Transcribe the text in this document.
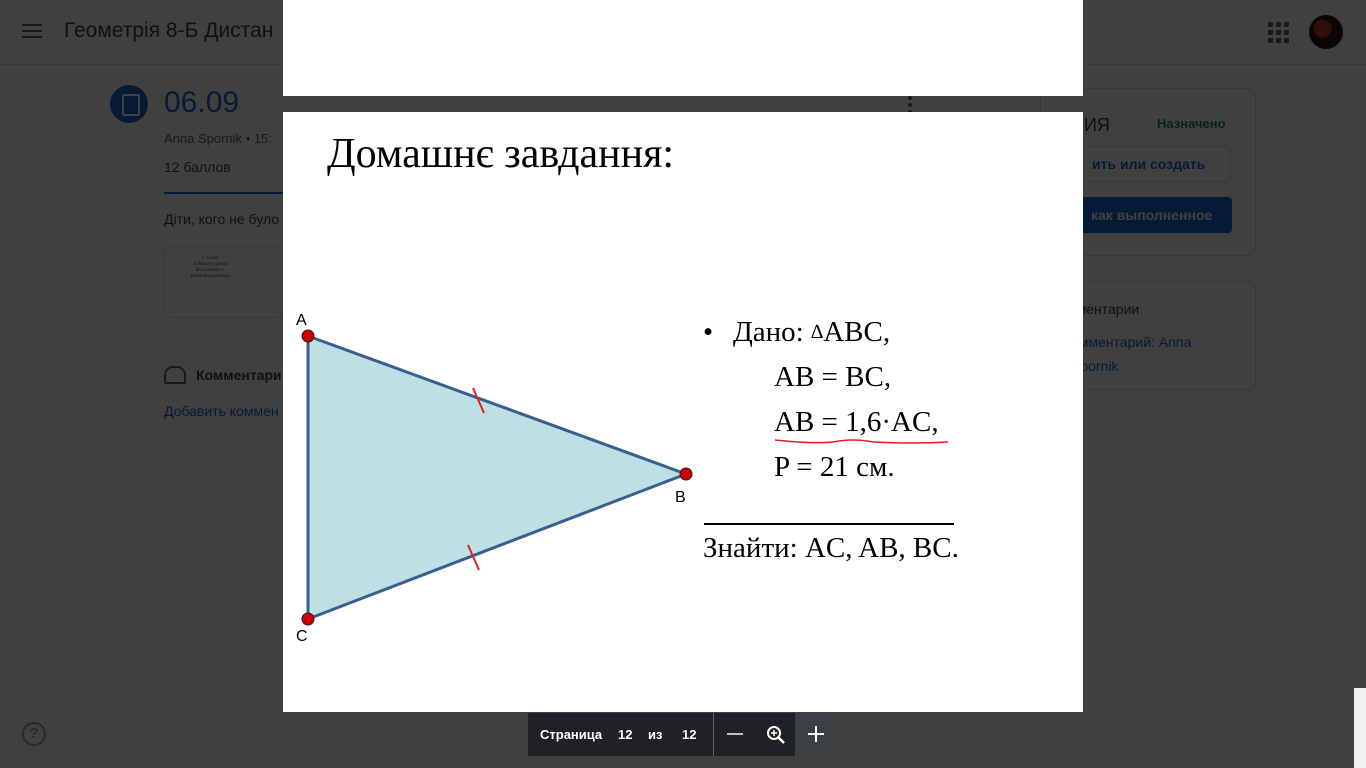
Домашнє завдання:
A
B
C
• Дано: ∆ABC,
AB = BC,
AB = 1,6·AC,
P = 21 см.
Знайти: AC, AB, BC.
Страница 12 из 12
